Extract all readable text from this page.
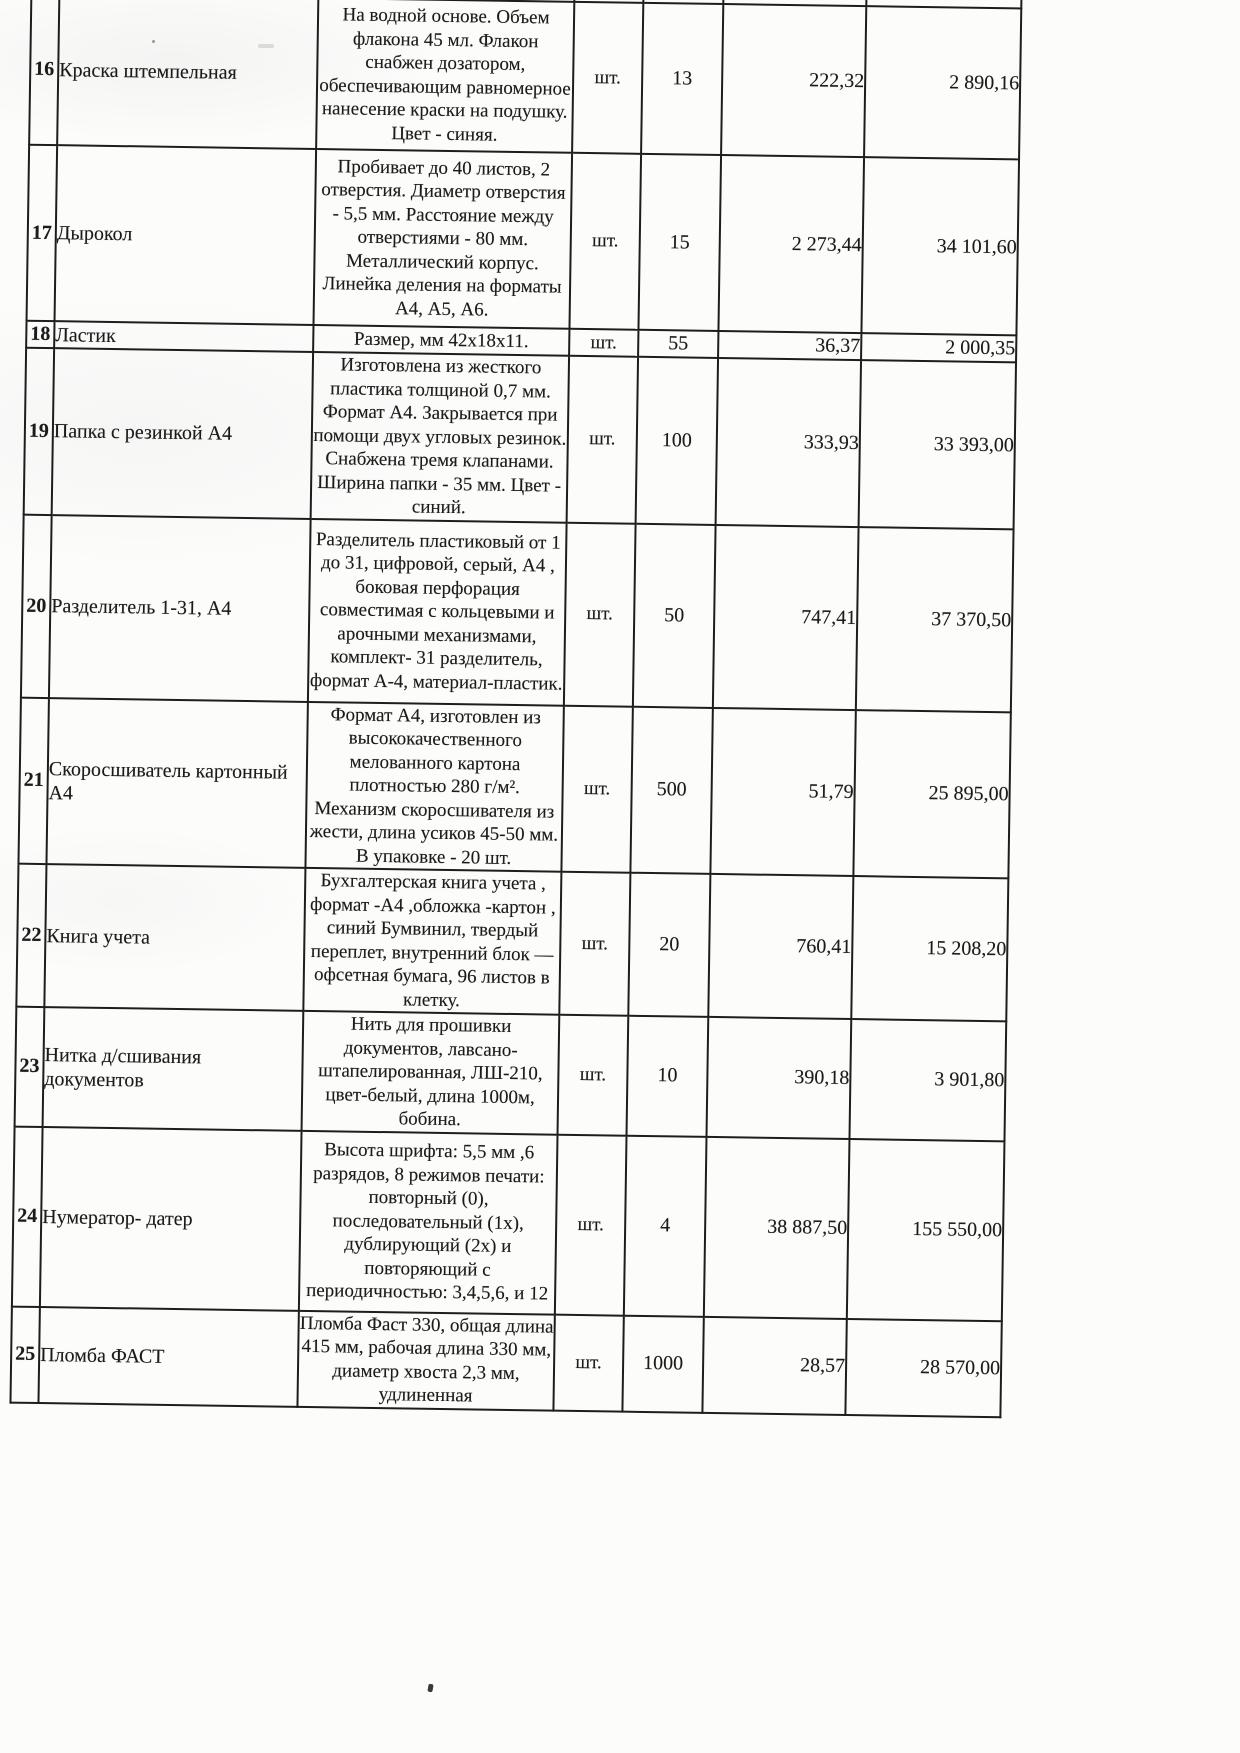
16	Краска штемпельная	На водной основе. Объем флакона 45 мл. Флакон снабжен дозатором, обеспечивающим равномерное нанесение краски на подушку. Цвет - синяя.	шт.	13	222,32	2 890,16
17	Дырокол	Пробивает до 40 листов, 2 отверстия. Диаметр отверстия - 5,5 мм. Расстояние между отверстиями - 80 мм. Металлический корпус. Линейка деления на форматы А4, А5, А6.	шт.	15	2 273,44	34 101,60
18	Ластик	Размер, мм 42х18х11.	шт.	55	36,37	2 000,35
19	Папка с резинкой А4	Изготовлена из жесткого пластика толщиной 0,7 мм. Формат А4. Закрывается при помощи двух угловых резинок. Снабжена тремя клапанами. Ширина папки - 35 мм. Цвет - синий.	шт.	100	333,93	33 393,00
20	Разделитель 1-31, А4	Разделитель пластиковый от 1 до 31, цифровой, серый, А4 , боковая перфорация совместимая с кольцевыми и арочными механизмами, комплект- 31 разделитель, формат А-4, материал-пластик.	шт.	50	747,41	37 370,50
21	Скоросшиватель картонный А4	Формат А4, изготовлен из высококачественного мелованного картона плотностью 280 г/м². Механизм скоросшивателя из жести, длина усиков 45-50 мм. В упаковке - 20 шт.	шт.	500	51,79	25 895,00
22	Книга учета	Бухгалтерская книга учета , формат -А4 ,обложка -картон , синий Бумвинил, твердый переплет, внутренний блок — офсетная бумага, 96 листов в клетку.	шт.	20	760,41	15 208,20
23	Нитка д/сшивания документов	Нить для прошивки документов, лавсано-штапелированная, ЛШ-210, цвет-белый, длина 1000м, бобина.	шт.	10	390,18	3 901,80
24	Нумератор- датер	Высота шрифта: 5,5 мм ,6 разрядов, 8 режимов печати: повторный (0), последовательный (1х), дублирующий (2х) и повторяющий с периодичностью: 3,4,5,6, и 12	шт.	4	38 887,50	155 550,00
25	Пломба ФАСТ	Пломба Фаст 330, общая длина 415 мм, рабочая длина 330 мм, диаметр хвоста 2,3 мм, удлиненная	шт.	1000	28,57	28 570,00
